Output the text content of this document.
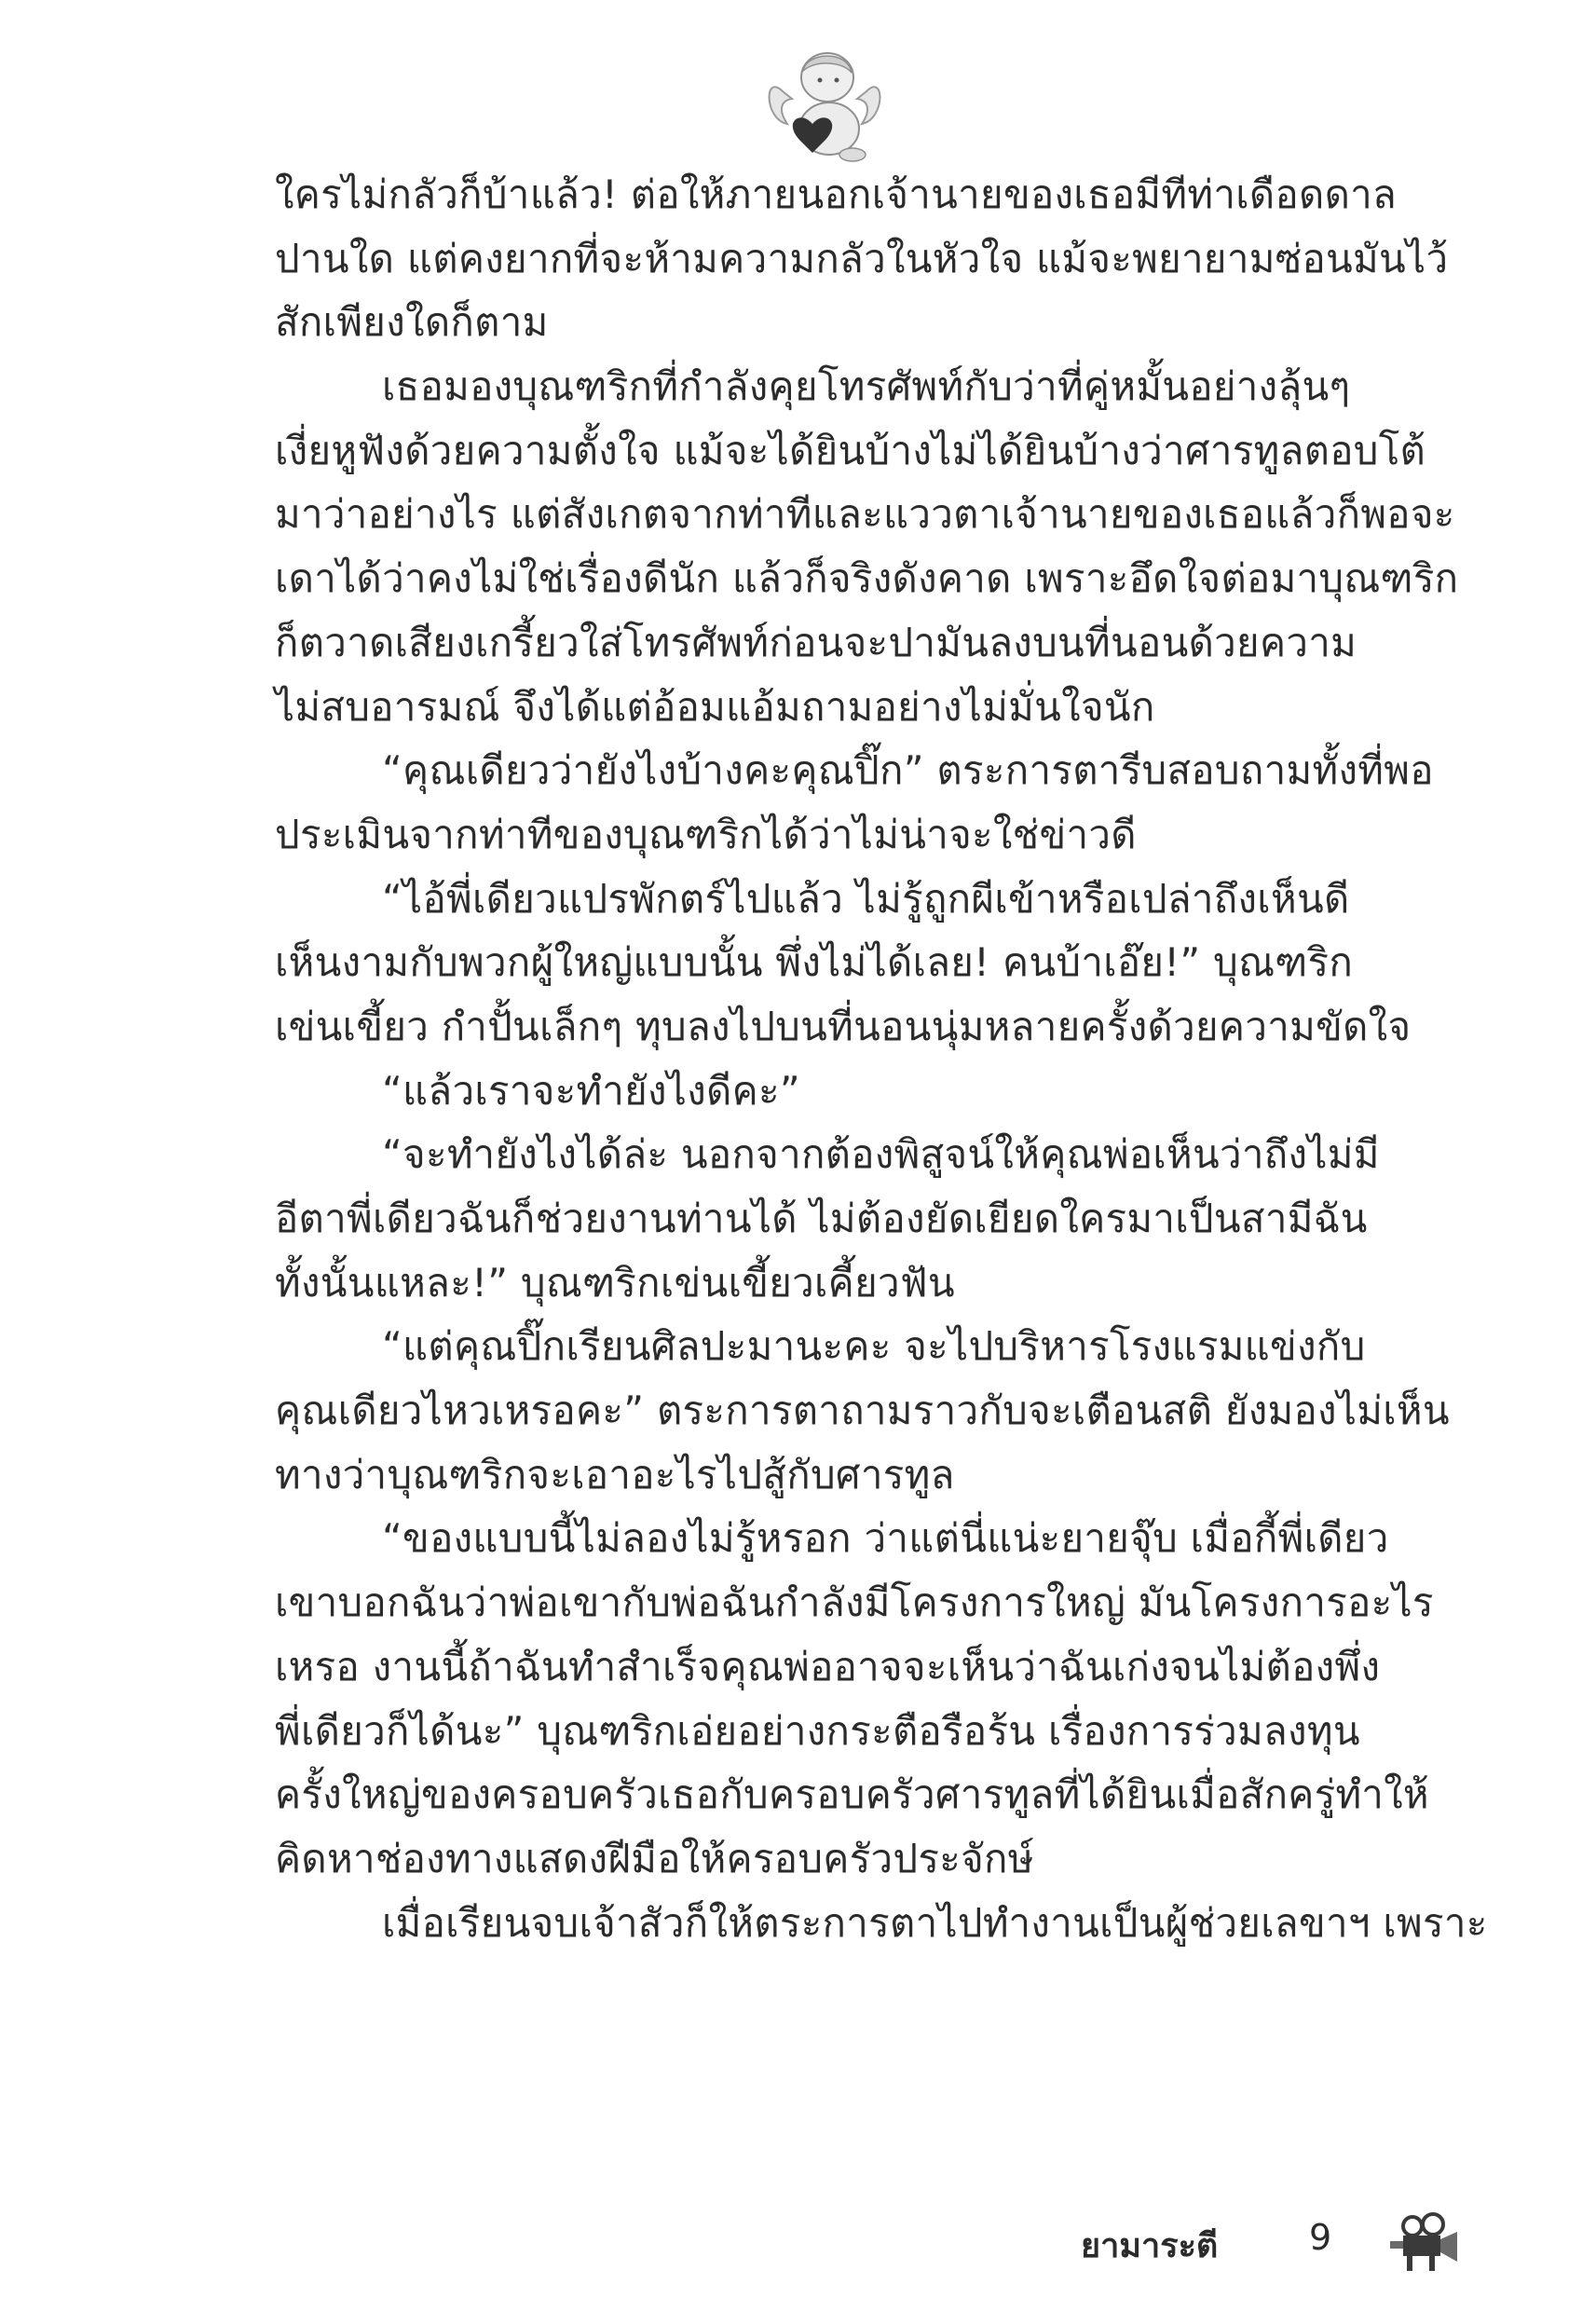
ใครไม่กลัวก็บ้าแล้ว! ต่อให้ภายนอกเจ้านายของเธอมีทีท่าเดือดดาล
ปานใด แต่คงยากที่จะห้ามความกลัวในหัวใจ แม้จะพยายามซ่อนมันไว้
สักเพียงใดก็ตาม
เธอมองบุณฑริกที่กำลังคุยโทรศัพท์กับว่าที่คู่หมั้นอย่างลุ้นๆ
เงี่ยหูฟังด้วยความตั้งใจ แม้จะได้ยินบ้างไม่ได้ยินบ้างว่าศารทูลตอบโต้
มาว่าอย่างไร แต่สังเกตจากท่าทีและแววตาเจ้านายของเธอแล้วก็พอจะ
เดาได้ว่าคงไม่ใช่เรื่องดีนัก แล้วก็จริงดังคาด เพราะอึดใจต่อมาบุณฑริก
ก็ตวาดเสียงเกรี้ยวใส่โทรศัพท์ก่อนจะปามันลงบนที่นอนด้วยความ
ไม่สบอารมณ์ จึงได้แต่อ้อมแอ้มถามอย่างไม่มั่นใจนัก
“คุณเดียวว่ายังไงบ้างคะคุณปิ๊ก” ตระการตารีบสอบถามทั้งที่พอ
ประเมินจากท่าทีของบุณฑริกได้ว่าไม่น่าจะใช่ข่าวดี
“ไอ้พี่เดียวแปรพักตร์ไปแล้ว ไม่รู้ถูกผีเข้าหรือเปล่าถึงเห็นดี
เห็นงามกับพวกผู้ใหญ่แบบนั้น พึ่งไม่ได้เลย! คนบ้าเอ๊ย!” บุณฑริก
เข่นเขี้ยว กำปั้นเล็กๆ ทุบลงไปบนที่นอนนุ่มหลายครั้งด้วยความขัดใจ
“แล้วเราจะทำยังไงดีคะ”
“จะทำยังไงได้ล่ะ นอกจากต้องพิสูจน์ให้คุณพ่อเห็นว่าถึงไม่มี
อีตาพี่เดียวฉันก็ช่วยงานท่านได้ ไม่ต้องยัดเยียดใครมาเป็นสามีฉัน
ทั้งนั้นแหละ!” บุณฑริกเข่นเขี้ยวเคี้ยวฟัน
“แต่คุณปิ๊กเรียนศิลปะมานะคะ จะไปบริหารโรงแรมแข่งกับ
คุณเดียวไหวเหรอคะ” ตระการตาถามราวกับจะเตือนสติ ยังมองไม่เห็น
ทางว่าบุณฑริกจะเอาอะไรไปสู้กับศารทูล
“ของแบบนี้ไม่ลองไม่รู้หรอก ว่าแต่นี่แน่ะยายจุ๊บ เมื่อกี้พี่เดียว
เขาบอกฉันว่าพ่อเขากับพ่อฉันกำลังมีโครงการใหญ่ มันโครงการอะไร
เหรอ งานนี้ถ้าฉันทำสำเร็จคุณพ่ออาจจะเห็นว่าฉันเก่งจนไม่ต้องพึ่ง
พี่เดียวก็ได้นะ” บุณฑริกเอ่ยอย่างกระตือรือร้น เรื่องการร่วมลงทุน
ครั้งใหญ่ของครอบครัวเธอกับครอบครัวศารทูลที่ได้ยินเมื่อสักครู่ทำให้
คิดหาช่องทางแสดงฝีมือให้ครอบครัวประจักษ์
เมื่อเรียนจบเจ้าสัวก็ให้ตระการตาไปทำงานเป็นผู้ช่วยเลขาฯ เพราะ
ยามาระตี	9
